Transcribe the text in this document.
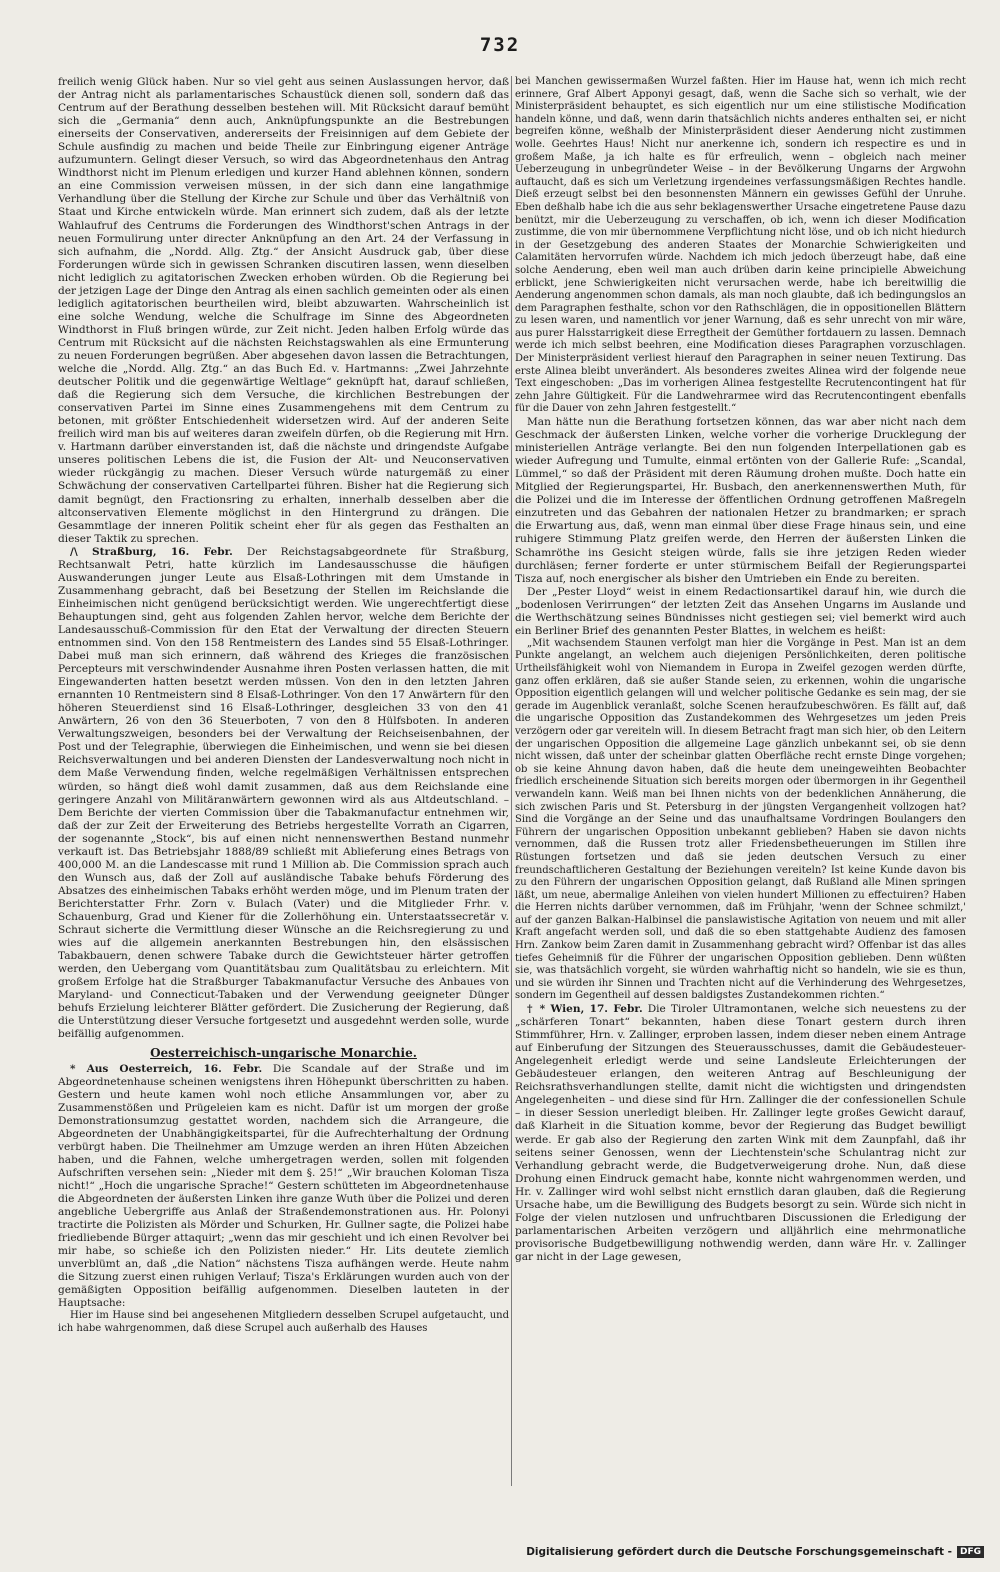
732

freilich wenig Glück haben. Nur so viel geht aus seinen Auslassungen hervor, daß der Antrag nicht als parlamentarisches Schaustück dienen soll, sondern daß das Centrum auf der Berathung desselben bestehen will. Mit Rücksicht darauf bemüht sich die „Germania“ denn auch, Anknüpfungspunkte an die Bestrebungen einerseits der Conservativen, andererseits der Freisinnigen auf dem Gebiete der Schule ausfindig zu machen und beide Theile zur Einbringung eigener Anträge aufzumuntern. Gelingt dieser Versuch, so wird das Abgeordnetenhaus den Antrag Windthorst nicht im Plenum erledigen und kurzer Hand ablehnen können, sondern an eine Commission verweisen müssen, in der sich dann eine langathmige Verhandlung über die Stellung der Kirche zur Schule und über das Verhältniß von Staat und Kirche entwickeln würde. Man erinnert sich zudem, daß als der letzte Wahlaufruf des Centrums die Forderungen des Windthorst'schen Antrags in der neuen Formulirung unter directer Anknüpfung an den Art. 24 der Verfassung in sich aufnahm, die „Nordd. Allg. Ztg.“ der Ansicht Ausdruck gab, über diese Forderungen würde sich in gewissen Schranken discutiren lassen, wenn dieselben nicht lediglich zu agitatorischen Zwecken erhoben würden. Ob die Regierung bei der jetzigen Lage der Dinge den Antrag als einen sachlich gemeinten oder als einen lediglich agitatorischen beurtheilen wird, bleibt abzuwarten. Wahrscheinlich ist eine solche Wendung, welche die Schulfrage im Sinne des Abgeordneten Windthorst in Fluß bringen würde, zur Zeit nicht. Jeden halben Erfolg würde das Centrum mit Rücksicht auf die nächsten Reichstagswahlen als eine Ermunterung zu neuen Forderungen begrüßen. Aber abgesehen davon lassen die Betrachtungen, welche die „Nordd. Allg. Ztg.“ an das Buch Ed. v. Hartmanns: „Zwei Jahrzehnte deutscher Politik und die gegenwärtige Weltlage“ geknüpft hat, darauf schließen, daß die Regierung sich dem Versuche, die kirchlichen Bestrebungen der conservativen Partei im Sinne eines Zusammengehens mit dem Centrum zu betonen, mit größter Entschiedenheit widersetzen wird. Auf der anderen Seite freilich wird man bis auf weiteres daran zweifeln dürfen, ob die Regierung mit Hrn. v. Hartmann darüber einverstanden ist, daß die nächste und dringendste Aufgabe unseres politischen Lebens die ist, die Fusion der Alt- und Neuconservativen wieder rückgängig zu machen. Dieser Versuch würde naturgemäß zu einer Schwächung der conservativen Cartellpartei führen. Bisher hat die Regierung sich damit begnügt, den Fractionsring zu erhalten, innerhalb desselben aber die altconservativen Elemente möglichst in den Hintergrund zu drängen. Die Gesammtlage der inneren Politik scheint eher für als gegen das Festhalten an dieser Taktik zu sprechen.

/\ Straßburg, 16. Febr. Der Reichstagsabgeordnete für Straßburg, Rechtsanwalt Petri, hatte kürzlich im Landesausschusse die häufigen Auswanderungen junger Leute aus Elsaß-Lothringen mit dem Umstande in Zusammenhang gebracht, daß bei Besetzung der Stellen im Reichslande die Einheimischen nicht genügend berücksichtigt werden. Wie ungerechtfertigt diese Behauptungen sind, geht aus folgenden Zahlen hervor, welche dem Berichte der Landesausschuß-Commission für den Etat der Verwaltung der directen Steuern entnommen sind. Von den 158 Rentmeistern des Landes sind 55 Elsaß-Lothringer. Dabei muß man sich erinnern, daß während des Krieges die französischen Percepteurs mit verschwindender Ausnahme ihren Posten verlassen hatten, die mit Eingewanderten hatten besetzt werden müssen. Von den in den letzten Jahren ernannten 10 Rentmeistern sind 8 Elsaß-Lothringer. Von den 17 Anwärtern für den höheren Steuerdienst sind 16 Elsaß-Lothringer, desgleichen 33 von den 41 Anwärtern, 26 von den 36 Steuerboten, 7 von den 8 Hülfsboten. In anderen Verwaltungszweigen, besonders bei der Verwaltung der Reichseisenbahnen, der Post und der Telegraphie, überwiegen die Einheimischen, und wenn sie bei diesen Reichsverwaltungen und bei anderen Diensten der Landesverwaltung noch nicht in dem Maße Verwendung finden, welche regelmäßigen Verhältnissen entsprechen würden, so hängt dieß wohl damit zusammen, daß aus dem Reichslande eine geringere Anzahl von Militäranwärtern gewonnen wird als aus Altdeutschland. – Dem Berichte der vierten Commission über die Tabakmanufactur entnehmen wir, daß der zur Zeit der Erweiterung des Betriebs hergestellte Vorrath an Cigarren, der sogenannte „Stock“, bis auf einen nicht nennenswerthen Bestand nunmehr verkauft ist. Das Betriebsjahr 1888/89 schließt mit Ablieferung eines Betrags von 400,000 M. an die Landescasse mit rund 1 Million ab. Die Commission sprach auch den Wunsch aus, daß der Zoll auf ausländische Tabake behufs Förderung des Absatzes des einheimischen Tabaks erhöht werden möge, und im Plenum traten der Berichterstatter Frhr. Zorn v. Bulach (Vater) und die Mitglieder Frhr. v. Schauenburg, Grad und Kiener für die Zollerhöhung ein. Unterstaatssecretär v. Schraut sicherte die Vermittlung dieser Wünsche an die Reichsregierung zu und wies auf die allgemein anerkannten Bestrebungen hin, den elsässischen Tabakbauern, denen schwere Tabake durch die Gewichtsteuer härter getroffen werden, den Uebergang vom Quantitätsbau zum Qualitätsbau zu erleichtern. Mit großem Erfolge hat die Straßburger Tabakmanufactur Versuche des Anbaues von Maryland- und Connecticut-Tabaken und der Verwendung geeigneter Dünger behufs Erzielung leichterer Blätter gefördert. Die Zusicherung der Regierung, daß die Unterstützung dieser Versuche fortgesetzt und ausgedehnt werden solle, wurde beifällig aufgenommen.

Oesterreichisch-ungarische Monarchie.

* Aus Oesterreich, 16. Febr. Die Scandale auf der Straße und im Abgeordnetenhause scheinen wenigstens ihren Höhepunkt überschritten zu haben. Gestern und heute kamen wohl noch etliche Ansammlungen vor, aber zu Zusammenstößen und Prügeleien kam es nicht. Dafür ist um morgen der große Demonstrationsumzug gestattet worden, nachdem sich die Arrangeure, die Abgeordneten der Unabhängigkeitspartei, für die Aufrechterhaltung der Ordnung verbürgt haben. Die Theilnehmer am Umzuge werden an ihren Hüten Abzeichen haben, und die Fahnen, welche umhergetragen werden, sollen mit folgenden Aufschriften versehen sein: „Nieder mit dem §. 25!“ „Wir brauchen Koloman Tisza nicht!“ „Hoch die ungarische Sprache!“ Gestern schütteten im Abgeordnetenhause die Abgeordneten der äußersten Linken ihre ganze Wuth über die Polizei und deren angebliche Uebergriffe aus Anlaß der Straßendemonstrationen aus. Hr. Polonyi tractirte die Polizisten als Mörder und Schurken, Hr. Gullner sagte, die Polizei habe friedliebende Bürger attaquirt; „wenn das mir geschieht und ich einen Revolver bei mir habe, so schieße ich den Polizisten nieder.“ Hr. Lits deutete ziemlich unverblümt an, daß „die Nation“ nächstens Tisza aufhängen werde. Heute nahm die Sitzung zuerst einen ruhigen Verlauf; Tisza's Erklärungen wurden auch von der gemäßigten Opposition beifällig aufgenommen. Dieselben lauteten in der Hauptsache:

Hier im Hause sind bei angesehenen Mitgliedern desselben Scrupel aufgetaucht, und ich habe wahrgenommen, daß diese Scrupel auch außerhalb des Hauses

bei Manchen gewissermaßen Wurzel faßten. Hier im Hause hat, wenn ich mich recht erinnere, Graf Albert Apponyi gesagt, daß, wenn die Sache sich so verhalt, wie der Ministerpräsident behauptet, es sich eigentlich nur um eine stilistische Modification handeln könne, und daß, wenn darin thatsächlich nichts anderes enthalten sei, er nicht begreifen könne, weßhalb der Ministerpräsident dieser Aenderung nicht zustimmen wolle. Geehrtes Haus! Nicht nur anerkenne ich, sondern ich respectire es und in großem Maße, ja ich halte es für erfreulich, wenn – obgleich nach meiner Ueberzeugung in unbegründeter Weise – in der Bevölkerung Ungarns der Argwohn auftaucht, daß es sich um Verletzung irgendeines verfassungsmäßigen Rechtes handle. Dieß erzeugt selbst bei den besonnensten Männern ein gewisses Gefühl der Unruhe. Eben deßhalb habe ich die aus sehr beklagenswerther Ursache eingetretene Pause dazu benützt, mir die Ueberzeugung zu verschaffen, ob ich, wenn ich dieser Modification zustimme, die von mir übernommene Verpflichtung nicht löse, und ob ich nicht hiedurch in der Gesetzgebung des anderen Staates der Monarchie Schwierigkeiten und Calamitäten hervorrufen würde. Nachdem ich mich jedoch überzeugt habe, daß eine solche Aenderung, eben weil man auch drüben darin keine principielle Abweichung erblickt, jene Schwierigkeiten nicht verursachen werde, habe ich bereitwillig die Aenderung angenommen schon damals, als man noch glaubte, daß ich bedingungslos an dem Paragraphen festhalte, schon vor den Rathschlägen, die in oppositionellen Blättern zu lesen waren, und namentlich vor jener Warnung, daß es sehr unrecht von mir wäre, aus purer Halsstarrigkeit diese Erregtheit der Gemüther fortdauern zu lassen. Demnach werde ich mich selbst beehren, eine Modification dieses Paragraphen vorzuschlagen. Der Ministerpräsident verliest hierauf den Paragraphen in seiner neuen Textirung. Das erste Alinea bleibt unverändert. Als besonderes zweites Alinea wird der folgende neue Text eingeschoben: „Das im vorherigen Alinea festgestellte Recrutencontingent hat für zehn Jahre Gültigkeit. Für die Landwehrarmee wird das Recrutencontingent ebenfalls für die Dauer von zehn Jahren festgestellt.“

Man hätte nun die Berathung fortsetzen können, das war aber nicht nach dem Geschmack der äußersten Linken, welche vorher die vorherige Drucklegung der ministeriellen Anträge verlangte. Bei den nun folgenden Interpellationen gab es wieder Aufregung und Tumulte, einmal ertönten von der Gallerie Rufe: „Scandal, Lümmel,“ so daß der Präsident mit deren Räumung drohen mußte. Doch hatte ein Mitglied der Regierungspartei, Hr. Busbach, den anerkennenswerthen Muth, für die Polizei und die im Interesse der öffentlichen Ordnung getroffenen Maßregeln einzutreten und das Gebahren der nationalen Hetzer zu brandmarken; er sprach die Erwartung aus, daß, wenn man einmal über diese Frage hinaus sein, und eine ruhigere Stimmung Platz greifen werde, den Herren der äußersten Linken die Schamröthe ins Gesicht steigen würde, falls sie ihre jetzigen Reden wieder durchläsen; ferner forderte er unter stürmischem Beifall der Regierungspartei Tisza auf, noch energischer als bisher den Umtrieben ein Ende zu bereiten.

Der „Pester Lloyd“ weist in einem Redactionsartikel darauf hin, wie durch die „bodenlosen Verirrungen“ der letzten Zeit das Ansehen Ungarns im Auslande und die Werthschätzung seines Bündnisses nicht gestiegen sei; viel bemerkt wird auch ein Berliner Brief des genannten Pester Blattes, in welchem es heißt:

„Mit wachsendem Staunen verfolgt man hier die Vorgänge in Pest. Man ist an dem Punkte angelangt, an welchem auch diejenigen Persönlichkeiten, deren politische Urtheilsfähigkeit wohl von Niemandem in Europa in Zweifel gezogen werden dürfte, ganz offen erklären, daß sie außer Stande seien, zu erkennen, wohin die ungarische Opposition eigentlich gelangen will und welcher politische Gedanke es sein mag, der sie gerade im Augenblick veranlaßt, solche Scenen heraufzubeschwören. Es fällt auf, daß die ungarische Opposition das Zustandekommen des Wehrgesetzes um jeden Preis verzögern oder gar vereiteln will. In diesem Betracht fragt man sich hier, ob den Leitern der ungarischen Opposition die allgemeine Lage gänzlich unbekannt sei, ob sie denn nicht wissen, daß unter der scheinbar glatten Oberfläche recht ernste Dinge vorgehen; ob sie keine Ahnung davon haben, daß die heute dem uneingeweihten Beobachter friedlich erscheinende Situation sich bereits morgen oder übermorgen in ihr Gegentheil verwandeln kann. Weiß man bei Ihnen nichts von der bedenklichen Annäherung, die sich zwischen Paris und St. Petersburg in der jüngsten Vergangenheit vollzogen hat? Sind die Vorgänge an der Seine und das unaufhaltsame Vordringen Boulangers den Führern der ungarischen Opposition unbekannt geblieben? Haben sie davon nichts vernommen, daß die Russen trotz aller Friedensbetheuerungen im Stillen ihre Rüstungen fortsetzen und daß sie jeden deutschen Versuch zu einer freundschaftlicheren Gestaltung der Beziehungen vereiteln? Ist keine Kunde davon bis zu den Führern der ungarischen Opposition gelangt, daß Rußland alle Minen springen läßt, um neue, abermalige Anleihen von vielen hundert Millionen zu effectuiren? Haben die Herren nichts darüber vernommen, daß im Frühjahr, 'wenn der Schnee schmilzt,' auf der ganzen Balkan-Halbinsel die panslawistische Agitation von neuem und mit aller Kraft angefacht werden soll, und daß die so eben stattgehabte Audienz des famosen Hrn. Zankow beim Zaren damit in Zusammenhang gebracht wird? Offenbar ist das alles tiefes Geheimniß für die Führer der ungarischen Opposition geblieben. Denn wüßten sie, was thatsächlich vorgeht, sie würden wahrhaftig nicht so handeln, wie sie es thun, und sie würden ihr Sinnen und Trachten nicht auf die Verhinderung des Wehrgesetzes, sondern im Gegentheil auf dessen baldigstes Zustandekommen richten.“

† * Wien, 17. Febr. Die Tiroler Ultramontanen, welche sich neuestens zu der „schärferen Tonart“ bekannten, haben diese Tonart gestern durch ihren Stimmführer, Hrn. v. Zallinger, erproben lassen, indem dieser neben einem Antrage auf Einberufung der Sitzungen des Steuerausschusses, damit die Gebäudesteuer-Angelegenheit erledigt werde und seine Landsleute Erleichterungen der Gebäudesteuer erlangen, den weiteren Antrag auf Beschleunigung der Reichsrathsverhandlungen stellte, damit nicht die wichtigsten und dringendsten Angelegenheiten – und diese sind für Hrn. Zallinger die der confessionellen Schule – in dieser Session unerledigt bleiben. Hr. Zallinger legte großes Gewicht darauf, daß Klarheit in die Situation komme, bevor der Regierung das Budget bewilligt werde. Er gab also der Regierung den zarten Wink mit dem Zaunpfahl, daß ihr seitens seiner Genossen, wenn der Liechtenstein'sche Schulantrag nicht zur Verhandlung gebracht werde, die Budgetverweigerung drohe. Nun, daß diese Drohung einen Eindruck gemacht habe, konnte nicht wahrgenommen werden, und Hr. v. Zallinger wird wohl selbst nicht ernstlich daran glauben, daß die Regierung Ursache habe, um die Bewilligung des Budgets besorgt zu sein. Würde sich nicht in Folge der vielen nutzlosen und unfruchtbaren Discussionen die Erledigung der parlamentarischen Arbeiten verzögern und alljährlich eine mehrmonatliche provisorische Budgetbewilligung nothwendig werden, dann wäre Hr. v. Zallinger gar nicht in der Lage gewesen,

Digitalisierung gefördert durch die Deutsche Forschungsgemeinschaft - DFG
